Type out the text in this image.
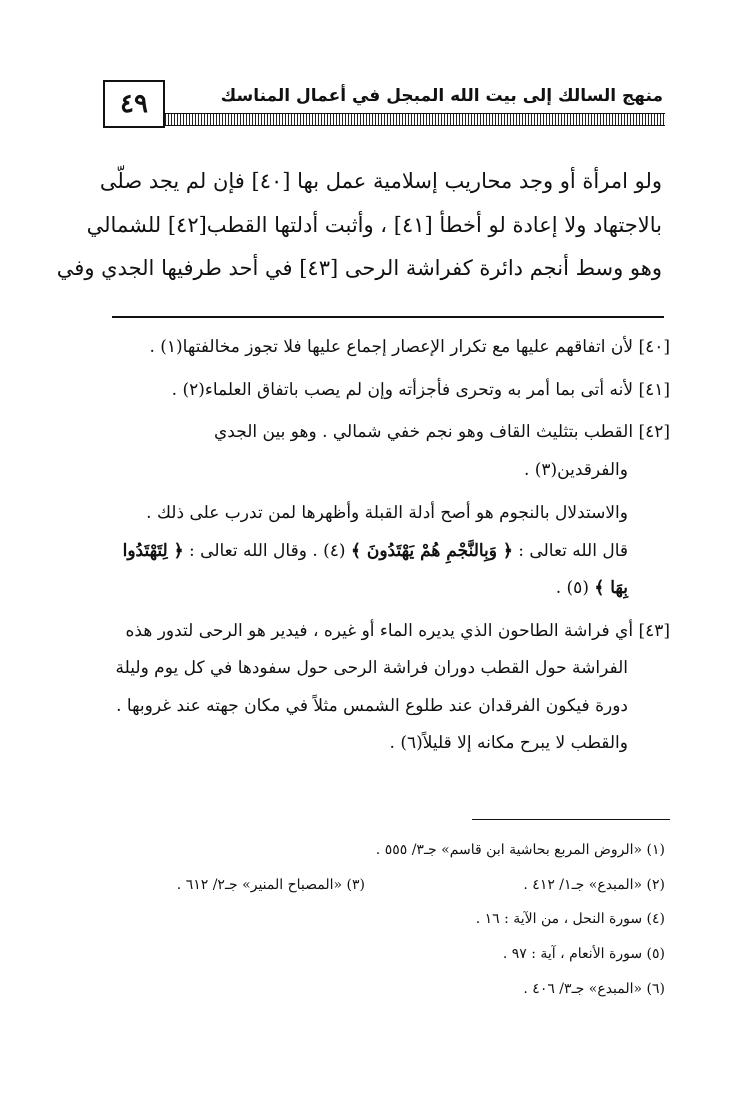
٤٩	منهج السالك إلى بيت الله المبجل في أعمال المناسك

ولو امرأة أو وجد محاريب إسلامية عمل بها [٤٠] فإن لم يجد صلّى

بالاجتهاد ولا إعادة لو أخطأ [٤١] ، وأثبت أدلتها القطب[٤٢] للشمالي

وهو وسط أنجم دائرة كفراشة الرحى [٤٣] في أحد طرفيها الجدي وفي

[٤٠] لأن اتفاقهم عليها مع تكرار الإعصار إجماع عليها فلا تجوز مخالفتها(١) .
[٤١] لأنه أتى بما أمر به وتحرى فأجزأته وإن لم يصب باتفاق العلماء(٢) .
[٤٢] القطب بتثليث القاف وهو نجم خفي شمالي . وهو بين الجدي
والفرقدين(٣) .
والاستدلال بالنجوم هو أصح أدلة القبلة وأظهرها لمن تدرب على ذلك .
قال الله تعالى : ﴿ وَبِالنَّجْمِ هُمْ يَهْتَدُونَ ﴾ (٤) . وقال الله تعالى : ﴿ لِتَهْتَدُوا
بِهَا ﴾ (٥) .
[٤٣] أي فراشة الطاحون الذي يديره الماء أو غيره ، فيدير هو الرحى لتدور هذه
الفراشة حول القطب دوران فراشة الرحى حول سفودها في كل يوم وليلة
دورة فيكون الفرقدان عند طلوع الشمس مثلاً في مكان جهته عند غروبها .
والقطب لا يبرح مكانه إلا قليلاً(٦) .
(١) «الروض المربع بحاشية ابن قاسم» جـ٣/ ٥٥٥ .
(٢) «المبدع» جـ١/ ٤١٢ .
(٣) «المصباح المنير» جـ٢/ ٦١٢ .
(٤) سورة النحل ، من الآية : ١٦ .
(٥) سورة الأنعام ، آية : ٩٧ .
(٦) «المبدع» جـ٣/ ٤٠٦ .
